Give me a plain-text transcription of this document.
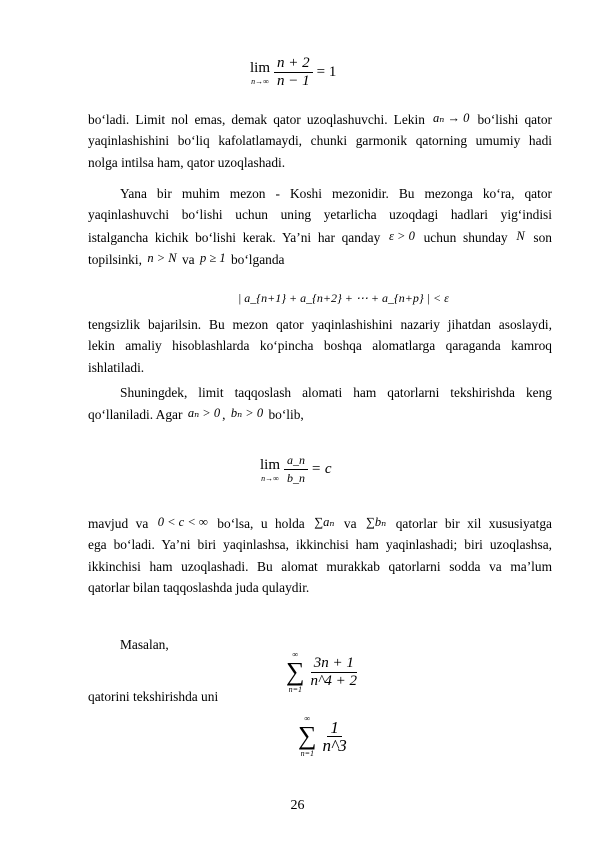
lim
$n\to\infty \frac{n + 2}{n - 1} = 1$
bo‘ladi. Limit nol emas, demak qator uzoqlashuvchi. Lekin aₙ → 0 bo‘lishi qator
yaqinlashishini bo‘liq kafolatlamaydi, chunki garmonik qatorning umumiy hadi
nolga intilsa ham, qator uzoqlashadi.
Yana bir muhim mezon - Koshi mezonidir. Bu mezonga ko‘ra, qator
yaqinlashuvchi bo‘lishi uchun uning yetarlicha uzoqdagi hadlari yig‘indisi
istalgancha kichik bo‘lishi kerak. Ya’ni har qanday ε > 0 uchun shunday N son
topilsinki, n > N va p ≥ 1 bo‘lganda
| a_{n+1} + a_{n+2} + ⋯ + a_{n+p} | < ε
tengsizlik bajarilsin. Bu mezon qator yaqinlashishini nazariy jihatdan asoslaydi,
lekin amaliy hisoblashlarda ko‘pincha boshqa alomatlarga qaraganda kamroq
ishlatiladi.
Shuningdek, limit taqqoslash alomati ham qatorlarni tekshirishda keng
qo‘llaniladi. Agar aₙ > 0 , bₙ > 0 bo‘lib,
lim
$n\to\infty \frac{a\_n}{b\_n} = c$
mavjud va 0 < c < ∞ bo‘lsa, u holda ∑aₙ va ∑bₙ qatorlar bir xil xususiyatga
ega bo‘ladi. Ya’ni biri yaqinlashsa, ikkinchisi ham yaqinlashadi; biri uzoqlashsa,
ikkinchisi ham uzoqlashadi. Bu alomat murakkab qatorlarni sodda va ma’lum
qatorlar bilan taqqoslashda juda qulaydir.
Masalan,
∞
∑
$n=1 \frac{3n + 1}{n\^{}4 + 2}$
qatorini tekshirishda uni
∞
∑
$n=1 \frac{1}{n\^{}3}$
26
